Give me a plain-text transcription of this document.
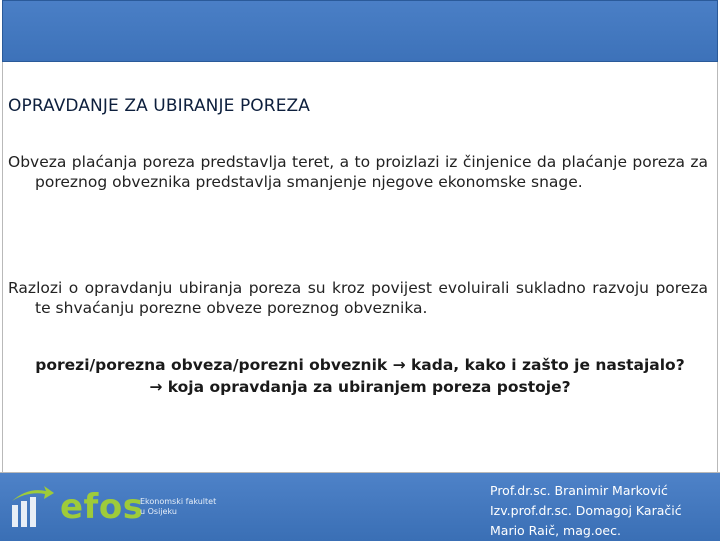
OPRAVDANJE ZA UBIRANJE POREZA

Obveza plaćanja poreza predstavlja teret, a to proizlazi iz činjenice da plaćanje poreza za poreznog obveznika predstavlja smanjenje njegove ekonomske snage.

Razlozi o opravdanju ubiranja poreza su kroz povijest evoluirali sukladno razvoju poreza te shvaćanju porezne obveze poreznog obveznika.

porezi/porezna obveza/porezni obveznik → kada, kako i zašto je nastajalo?
→ koja opravdanja za ubiranjem poreza postoje?

efos
Ekonomski fakultet
u Osijeku

Prof.dr.sc. Branimir Marković
Izv.prof.dr.sc. Domagoj Karačić
Mario Raič, mag.oec.
